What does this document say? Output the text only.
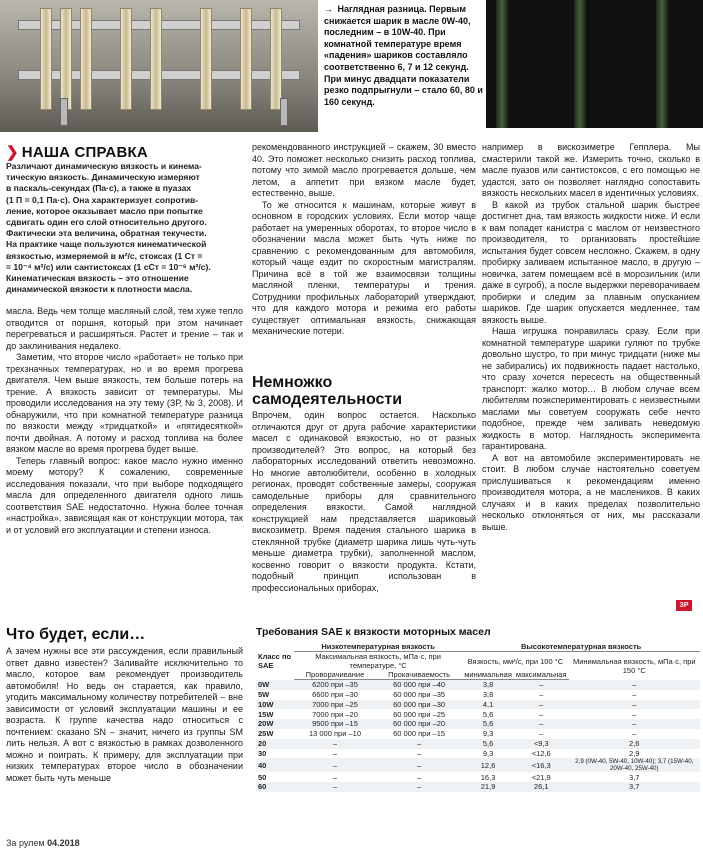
→ Наглядная разница. Первым снижается шарик в масле 0W-40, последним – в 10W-40. При комнатной температуре время «падения» шариков составляло соответственно 6, 7 и 12 секунд. При минус двадцати показатели резко подпрыгнули – стало 60, 80 и 160 секунд.
❯ НАША СПРАВКА
Различают динамическую вязкость и кинема-
тическую вязкость. Динамическую измеряют
в паскаль-секундах (Па·с), а также в пуазах
(1 П = 0,1 Па·с). Она характеризует сопротив-
ление, которое оказывает масло при попытке
сдвигать один его слой относительно другого.
Фактически эта величина, обратная текучести.
На практике чаще пользуются кинематической
вязкостью, измеряемой в м²/с, стоксах (1 Ст =
= 10⁻⁴ м²/с) или сантистоксах (1 сСт = 10⁻⁶ м²/с).
Кинематическая вязкость – это отношение
динамической вязкости к плотности масла.

масла. Ведь чем толще масляный слой, тем хуже тепло отводится от поршня, который при этом начинает перегреваться и расширяться. Растет и трение – так и до заклинивания недалеко.

Заметим, что второе число «работает» не только при трехзначных температурах, но и во время прогрева двигателя. Чем выше вязкость, тем больше потерь на трение. А вязкость зависит от температуры. Мы проводили исследования на эту тему (ЗР, № 3, 2008). И обнаружили, что при комнатной температуре разница по вязкости между «тридцаткой» и «пятидесяткой» почти двойная. А потому и расход топлива на более вязком масле во время прогрева будет выше.

Теперь главный вопрос: какое масло нужно именно моему мотору? К сожалению, современные исследования показали, что при выборе подходящего масла для определенного двигателя одного лишь соответствия SAE недостаточно. Нужна более точная «настройка», зависящая как от конструкции мотора, так и от условий его эксплуатации и степени износа.

Что будет, если…

А зачем нужны все эти рассуждения, если правильный ответ давно известен? Заливайте исключительно то масло, которое вам рекомендует производитель автомобиля! Но ведь он старается, как правило, угодить максимальному количеству потребителей – вне зависимости от условий эксплуатации машины и ее возраста. К группе качества надо относиться с почтением: сказано SN – значит, ничего из группы SM лить нельзя. А вот с вязкостью в рамках дозволенного можно и поиграть. К примеру, для эксплуатации при низких температурах второе число в обозначении может быть чуть меньше

рекомендованного инструкцией – скажем, 30 вместо 40. Это поможет несколько снизить расход топлива, потому что зимой масло прогревается дольше, чем летом, а аппетит при вязком масле будет, естественно, выше.

То же относится к машинам, которые живут в основном в городских условиях. Если мотор чаще работает на умеренных оборотах, то второе число в обозначении масла может быть чуть ниже по сравнению с рекомендованным для автомобиля, который чаще ездит по скоростным магистралям. Причина всё в той же взаимосвязи толщины масляной пленки, температуры и трения. Сотрудники профильных лабораторий утверждают, что для каждого мотора и режима его работы существует оптимальная вязкость, снижающая механические потери.

Немножко самодеятельности

Впрочем, один вопрос остается. Насколько отличаются друг от друга рабочие характеристики масел с одинаковой вязкостью, но от разных производителей? Это вопрос, на который без лабораторных исследований ответить невозможно. Но многие автолюбители, особенно в холодных регионах, проводят собственные замеры, сооружая самодельные приборы для сравнительного определения вязкости. Самой наглядной конструкцией нам представляется шариковый вискозиметр. Время падения стального шарика в стеклянной трубке (диаметр шарика лишь чуть-чуть меньше диаметра трубки), заполненной маслом, косвенно говорит о вязкости продукта. Кстати, подобный принцип использован в профессиональных приборах,

например в вискозиметре Гепплера. Мы смастерили такой же. Измерить точно, сколько в масле пуазов или сантистоксов, с его помощью не удастся, зато он позволяет наглядно сопоставить вязкость нескольких масел в идентичных условиях.

В какой из трубок стальной шарик быстрее достигнет дна, там вязкость жидкости ниже. И если к вам попадет канистра с маслом от неизвестного производителя, то организовать простейшие испытания будет совсем несложно. Скажем, в одну пробирку заливаем испытанное масло, в другую – новичка, затем помещаем всё в морозильник (или даже в сугроб), а после выдержки переворачиваем пробирки и следим за плавным опусканием шариков. Где шарик опускается медленнее, там вязкость выше.

Наша игрушка понравилась сразу. Если при комнатной температуре шарики гуляют по трубке довольно шустро, то при минус тридцати (ниже мы не забирались) их подвижность падает настолько, что сразу хочется пересесть на общественный транспорт: жалко мотор… В любом случае всем любителям поэкспериментировать с неизвестными маслами мы советуем сооружать себе нечто подобное, прежде чем заливать неведомую жидкость в мотор. Наглядность эксперимента гарантирована.

А вот на автомобиле экспериментировать не стоит. В любом случае настоятельно советуем прислушиваться к рекомендациям именно производителя мотора, а не маслеников. В каких случаях и в каких пределах позволительно несколько отклоняться от них, мы рассказали выше.

ЗР
Требования SAE к вязкости моторных масел
Класс по SAE	Низкотемпературная вязкость		Высокотемпературная вязкость		
	Максимальная вязкость, мПа·с, при температуре, °С		Вязкость, мм²/с, при 100 °С		Минимальная вязкость, мПа·с, при 150 °С
	Проворачивание	Прокачиваемость	минимальная	максимальная	
0W	6200 при –35	60 000 при –40	3,8	–	–
5W	6600 при –30	60 000 при –35	3,8	–	–
10W	7000 при –25	60 000 при –30	4,1	–	–
15W	7000 при –20	60 000 при –25	5,6	–	–
20W	9500 при –15	60 000 при –20	5,6	–	–
25W	13 000 при –10	60 000 при –15	9,3	–	–
20	–	–	5,6	<9,3	2,6
30	–	–	9,3	<12,6	2,9
40	–	–	12,6	<16,3	2,9 (0W-40, 5W-40, 10W-40); 3,7 (15W-40, 20W-40, 25W-40)
50	–	–	16,3	<21,9	3,7
60	–	–	21,9	26,1	3,7
За рулем 04.2018
